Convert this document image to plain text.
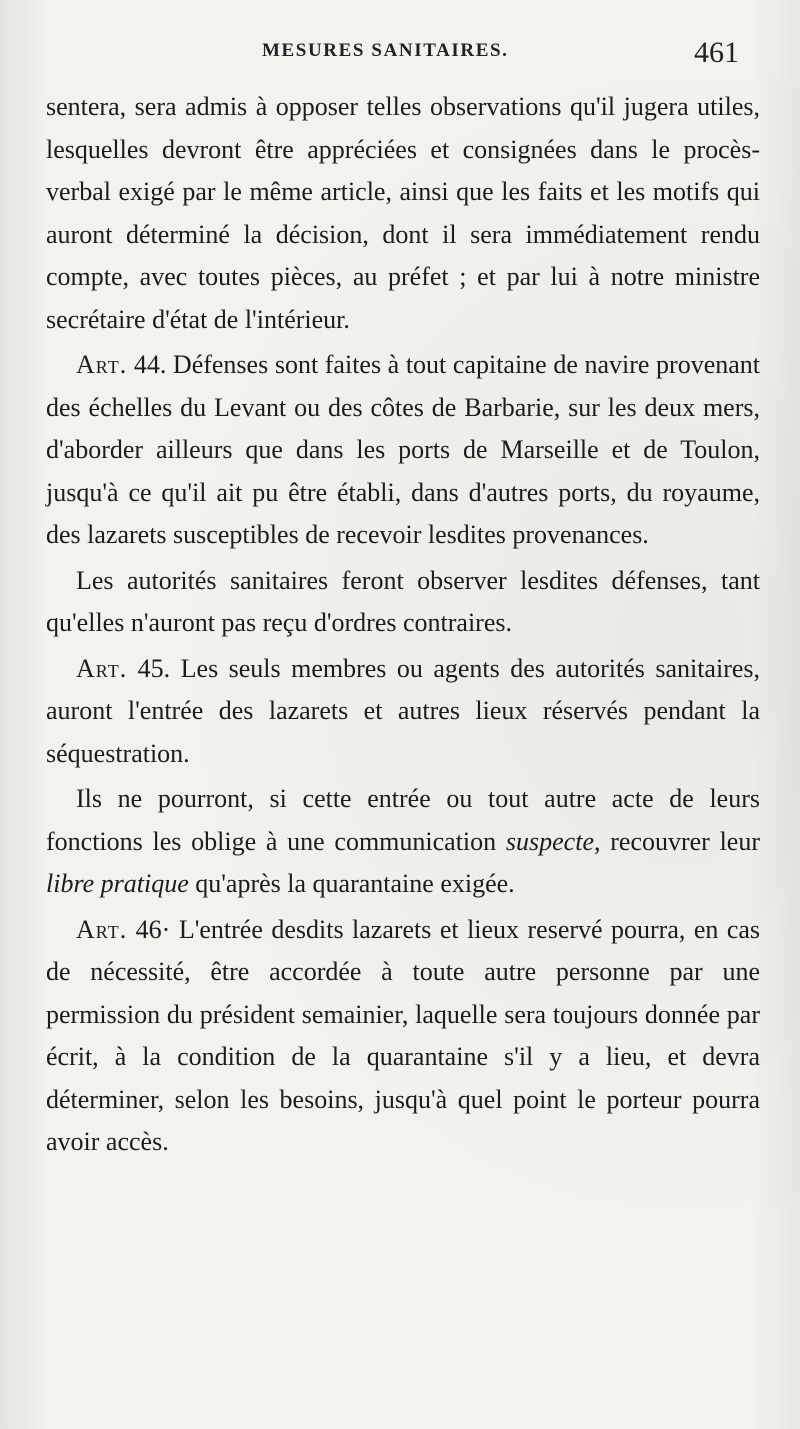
MESURES SANITAIRES.	461

sentera, sera admis à opposer telles observations qu'il jugera utiles, lesquelles devront être appréciées et consignées dans le procès-verbal exigé par le même article, ainsi que les faits et les motifs qui auront déterminé la décision, dont il sera immédiatement rendu compte, avec toutes pièces, au préfet ; et par lui à notre ministre secrétaire d'état de l'intérieur.

Art. 44. Défenses sont faites à tout capitaine de navire provenant des échelles du Levant ou des côtes de Barbarie, sur les deux mers, d'aborder ailleurs que dans les ports de Marseille et de Toulon, jusqu'à ce qu'il ait pu être établi, dans d'autres ports, du royaume, des lazarets susceptibles de recevoir lesdites provenances.

Les autorités sanitaires feront observer lesdites défenses, tant qu'elles n'auront pas reçu d'ordres contraires.

Art. 45. Les seuls membres ou agents des autorités sanitaires, auront l'entrée des lazarets et autres lieux réservés pendant la séquestration.

Ils ne pourront, si cette entrée ou tout autre acte de leurs fonctions les oblige à une communication suspecte, recouvrer leur libre pratique qu'après la quarantaine exigée.

Art. 46· L'entrée desdits lazarets et lieux reservé pourra, en cas de nécessité, être accordée à toute autre personne par une permission du président semainier, laquelle sera toujours donnée par écrit, à la condition de la quarantaine s'il y a lieu, et devra déterminer, selon les besoins, jusqu'à quel point le porteur pourra avoir accès.
